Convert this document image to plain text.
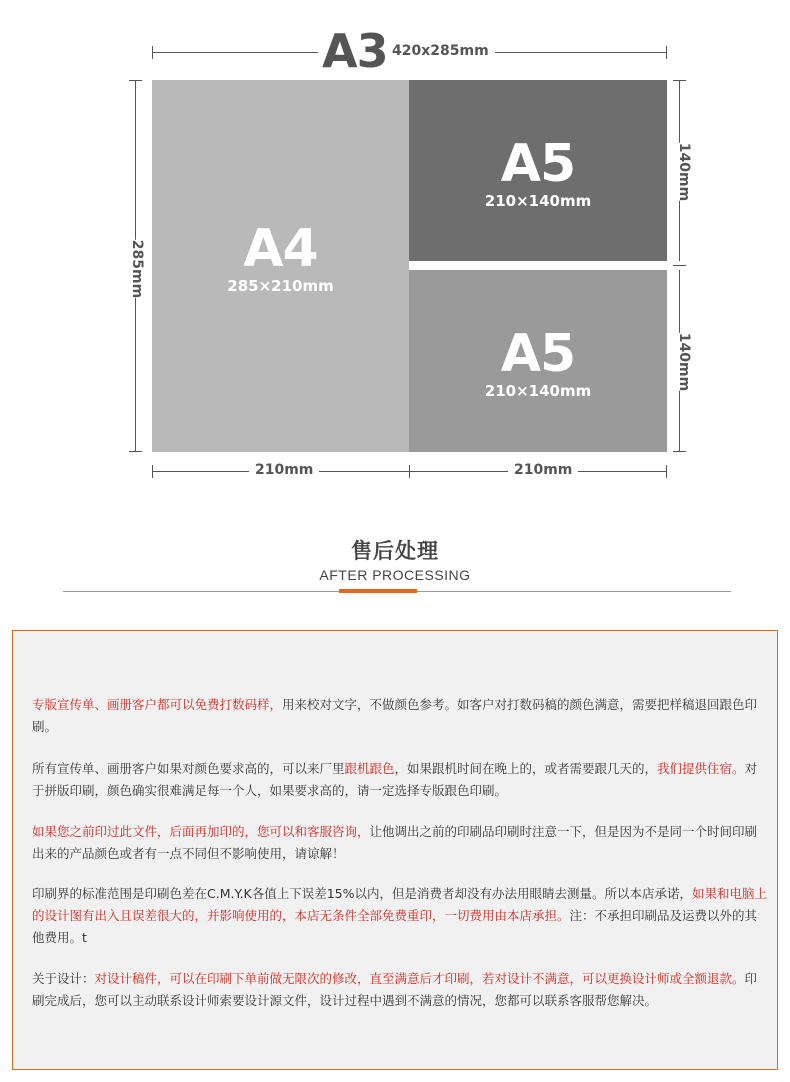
A3 420x285mm
A4
285×210mm
A5
210×140mm
A5
210×140mm
285mm
140mm
140mm
210mm	210mm
售后处理
AFTER PROCESSING
专版宣传单、画册客户都可以免费打数码样，用来校对文字，不做颜色参考。如客户对打数码稿的颜色满意，需要把样稿退回跟色印刷。
所有宣传单、画册客户如果对颜色要求高的，可以来厂里跟机跟色，如果跟机时间在晚上的，或者需要跟几天的，我们提供住宿。对于拼版印刷，颜色确实很难满足每一个人，如果要求高的，请一定选择专版跟色印刷。
如果您之前印过此文件，后面再加印的，您可以和客服咨询，让他调出之前的印刷品印刷时注意一下，但是因为不是同一个时间印刷出来的产品颜色或者有一点不同但不影响使用，请谅解！
印刷界的标准范围是印刷色差在C.M.Y.K各值上下误差15%以内，但是消费者却没有办法用眼睛去测量。所以本店承诺，如果和电脑上的设计图有出入且误差很大的，并影响使用的，本店无条件全部免费重印，一切费用由本店承担。注：不承担印刷品及运费以外的其他费用。t
关于设计：对设计稿件，可以在印刷下单前做无限次的修改，直至满意后才印刷，若对设计不满意，可以更换设计师或全额退款。印刷完成后，您可以主动联系设计师索要设计源文件，设计过程中遇到不满意的情况，您都可以联系客服帮您解决。
